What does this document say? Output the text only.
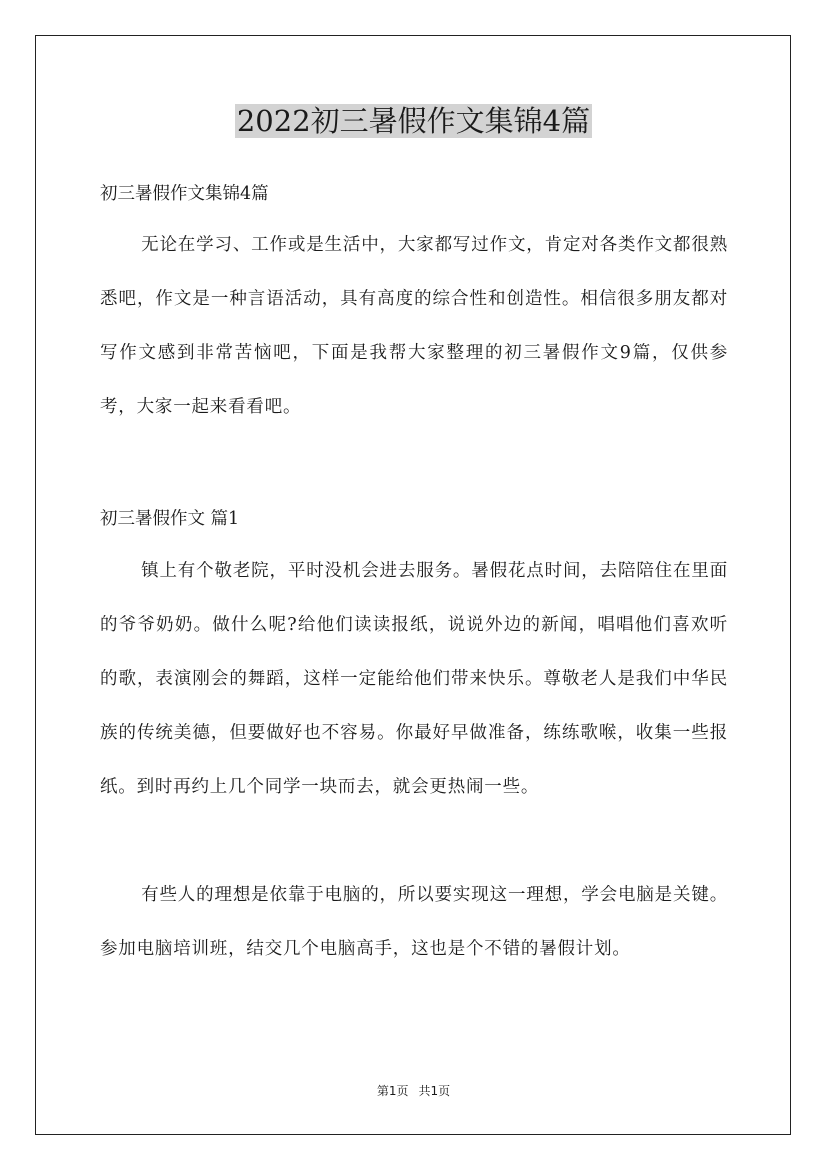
2022初三暑假作文集锦4篇

初三暑假作文集锦4篇

无论在学习、工作或是生活中，大家都写过作文，肯定对各类作文都很熟悉吧，作文是一种言语活动，具有高度的综合性和创造性。相信很多朋友都对写作文感到非常苦恼吧，下面是我帮大家整理的初三暑假作文9篇，仅供参考，大家一起来看看吧。

初三暑假作文 篇1

镇上有个敬老院，平时没机会进去服务。暑假花点时间，去陪陪住在里面的爷爷奶奶。做什么呢?给他们读读报纸，说说外边的新闻，唱唱他们喜欢听的歌，表演刚会的舞蹈，这样一定能给他们带来快乐。尊敬老人是我们中华民族的传统美德，但要做好也不容易。你最好早做准备，练练歌喉，收集一些报纸。到时再约上几个同学一块而去，就会更热闹一些。

有些人的理想是依靠于电脑的，所以要实现这一理想，学会电脑是关键。参加电脑培训班，结交几个电脑高手，这也是个不错的暑假计划。

第1页 共1页
